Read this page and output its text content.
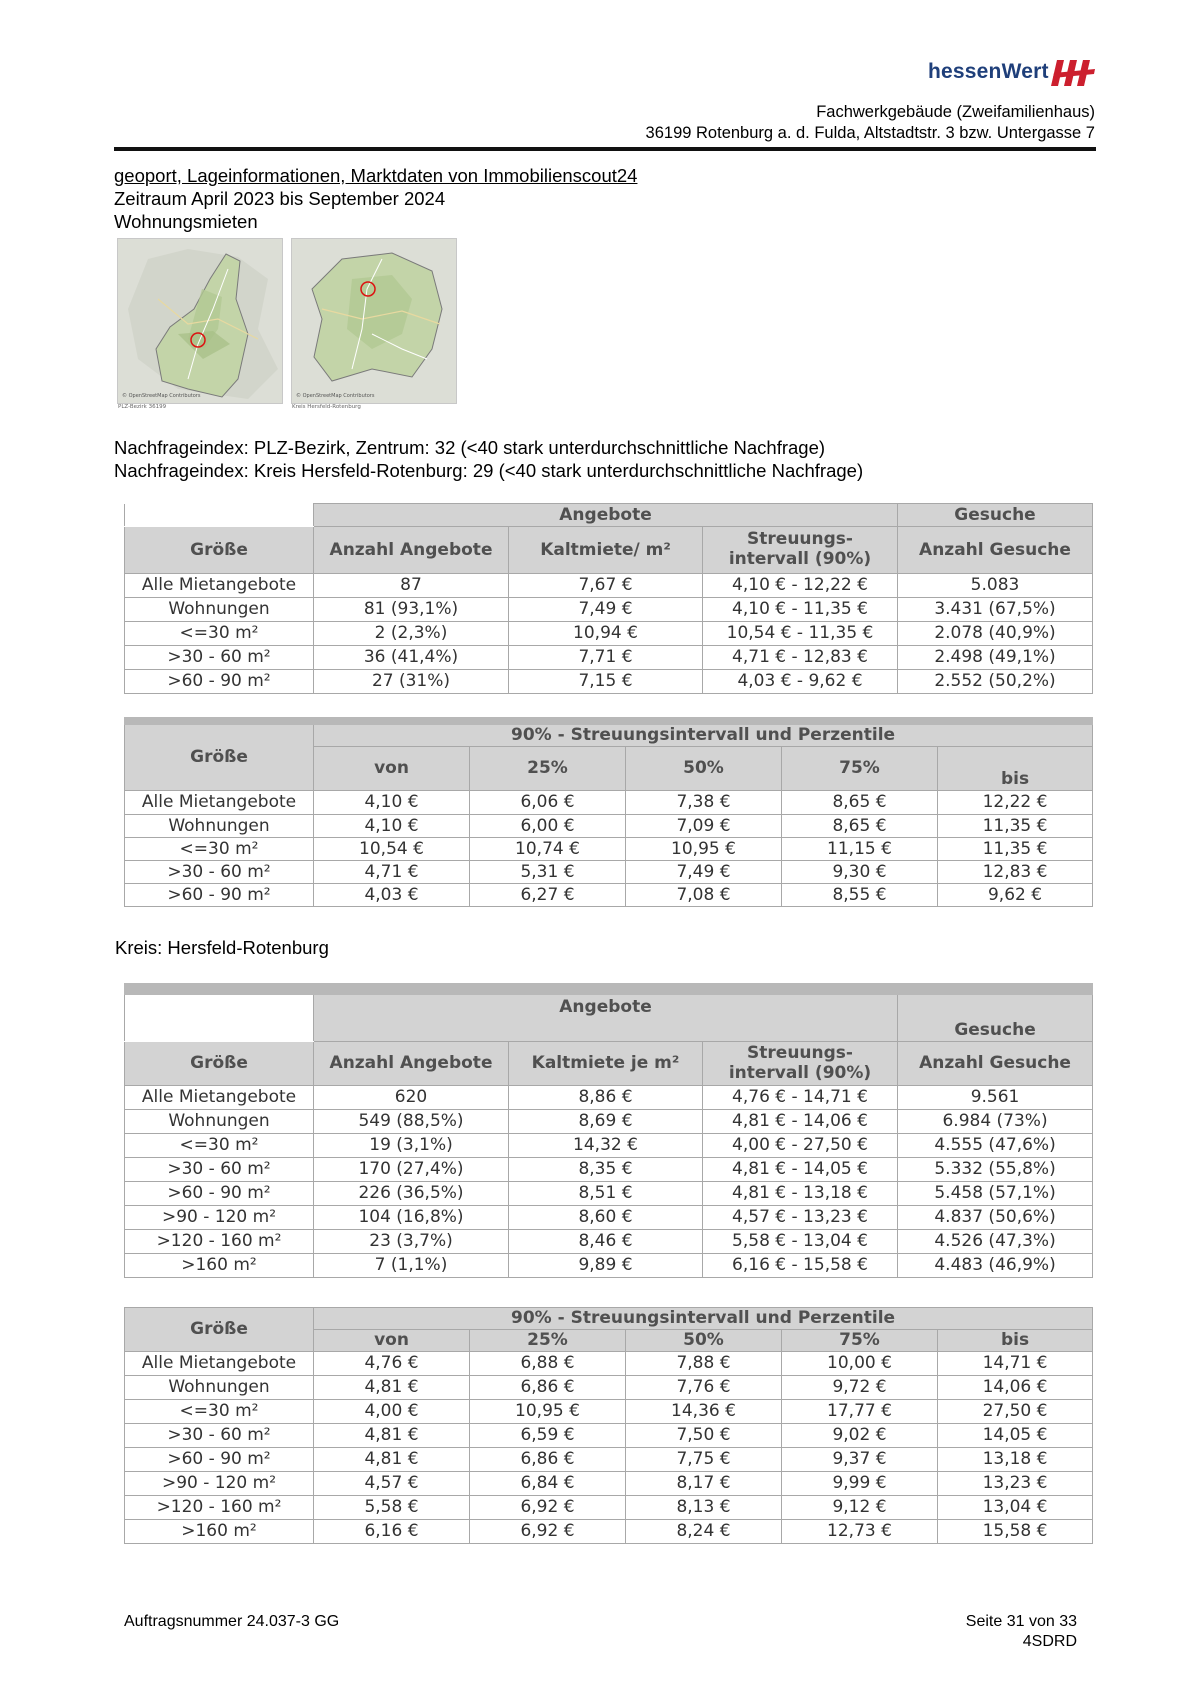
hessenWert
Fachwerkgebäude (Zweifamilienhaus)
36199 Rotenburg a. d. Fulda, Altstadtstr. 3 bzw. Untergasse 7
geoport, Lageinformationen, Marktdaten von Immobilienscout24
Zeitraum April 2023 bis September 2024
Wohnungsmieten
© OpenStreetMap Contributors
PLZ-Bezirk 36199
© OpenStreetMap Contributors
Kreis Hersfeld-Rotenburg
Nachfrageindex: PLZ-Bezirk, Zentrum: 32 (<40 stark unterdurchschnittliche Nachfrage)
Nachfrageindex: Kreis Hersfeld-Rotenburg: 29 (<40 stark unterdurchschnittliche Nachfrage)
	Angebote			Gesuche
Größe	Anzahl Angebote	Kaltmiete/ m²	Streuungs-
intervall (90%)	Anzahl Gesuche
Alle Mietangebote	87	7,67 €	4,10 € - 12,22 €	5.083
Wohnungen	81 (93,1%)	7,49 €	4,10 € - 11,35 €	3.431 (67,5%)
<=30 m²	2 (2,3%)	10,94 €	10,54 € - 11,35 €	2.078 (40,9%)
>30 - 60 m²	36 (41,4%)	7,71 €	4,71 € - 12,83 €	2.498 (49,1%)
>60 - 90 m²	27 (31%)	7,15 €	4,03 € - 9,62 €	2.552 (50,2%)

Größe	90% - Streuungsintervall und Perzentile				
	von	25%	50%	75%	bis
Alle Mietangebote	4,10 €	6,06 €	7,38 €	8,65 €	12,22 €
Wohnungen	4,10 €	6,00 €	7,09 €	8,65 €	11,35 €
<=30 m²	10,54 €	10,74 €	10,95 €	11,15 €	11,35 €
>30 - 60 m²	4,71 €	5,31 €	7,49 €	9,30 €	12,83 €
>60 - 90 m²	4,03 €	6,27 €	7,08 €	8,55 €	9,62 €
Kreis: Hersfeld-Rotenburg

	Angebote			Gesuche
Größe	Anzahl Angebote	Kaltmiete je m²	Streuungs-
intervall (90%)	Anzahl Gesuche
Alle Mietangebote	620	8,86 €	4,76 € - 14,71 €	9.561
Wohnungen	549 (88,5%)	8,69 €	4,81 € - 14,06 €	6.984 (73%)
<=30 m²	19 (3,1%)	14,32 €	4,00 € - 27,50 €	4.555 (47,6%)
>30 - 60 m²	170 (27,4%)	8,35 €	4,81 € - 14,05 €	5.332 (55,8%)
>60 - 90 m²	226 (36,5%)	8,51 €	4,81 € - 13,18 €	5.458 (57,1%)
>90 - 120 m²	104 (16,8%)	8,60 €	4,57 € - 13,23 €	4.837 (50,6%)
>120 - 160 m²	23 (3,7%)	8,46 €	5,58 € - 13,04 €	4.526 (47,3%)
>160 m²	7 (1,1%)	9,89 €	6,16 € - 15,58 €	4.483 (46,9%)
Größe	90% - Streuungsintervall und Perzentile				
	von	25%	50%	75%	bis
Alle Mietangebote	4,76 €	6,88 €	7,88 €	10,00 €	14,71 €
Wohnungen	4,81 €	6,86 €	7,76 €	9,72 €	14,06 €
<=30 m²	4,00 €	10,95 €	14,36 €	17,77 €	27,50 €
>30 - 60 m²	4,81 €	6,59 €	7,50 €	9,02 €	14,05 €
>60 - 90 m²	4,81 €	6,86 €	7,75 €	9,37 €	13,18 €
>90 - 120 m²	4,57 €	6,84 €	8,17 €	9,99 €	13,23 €
>120 - 160 m²	5,58 €	6,92 €	8,13 €	9,12 €	13,04 €
>160 m²	6,16 €	6,92 €	8,24 €	12,73 €	15,58 €
Auftragsnummer 24.037-3 GG	Seite 31 von 33
4SDRD
